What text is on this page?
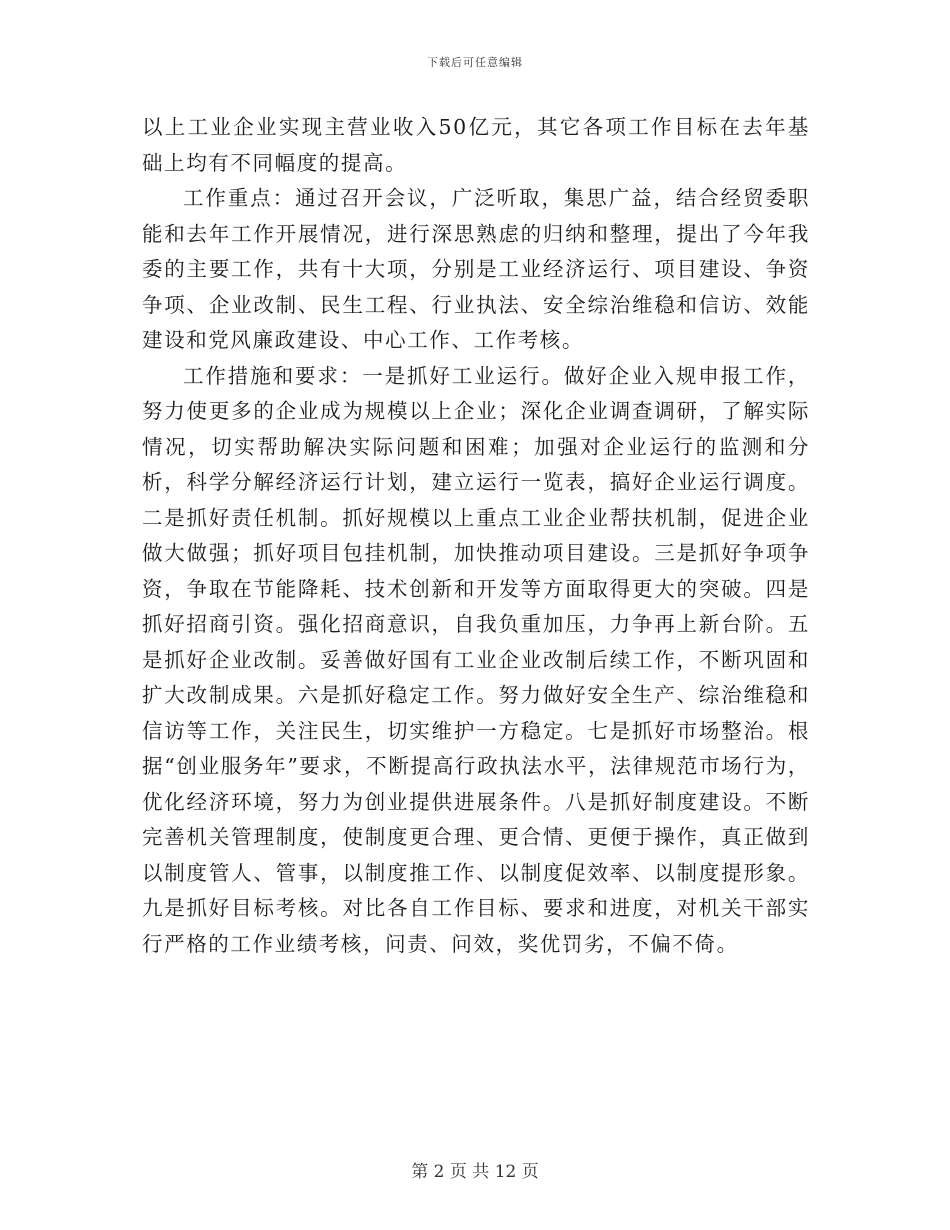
下载后可任意编辑

以上工业企业实现主营业收入50亿元，其它各项工作目标在去年基础上均有不同幅度的提高。

工作重点：通过召开会议，广泛听取，集思广益，结合经贸委职能和去年工作开展情况，进行深思熟虑的归纳和整理，提出了今年我委的主要工作，共有十大项，分别是工业经济运行、项目建设、争资争项、企业改制、民生工程、行业执法、安全综治维稳和信访、效能建设和党风廉政建设、中心工作、工作考核。

工作措施和要求：一是抓好工业运行。做好企业入规申报工作，努力使更多的企业成为规模以上企业；深化企业调查调研，了解实际情况，切实帮助解决实际问题和困难；加强对企业运行的监测和分析，科学分解经济运行计划，建立运行一览表，搞好企业运行调度。二是抓好责任机制。抓好规模以上重点工业企业帮扶机制，促进企业做大做强；抓好项目包挂机制，加快推动项目建设。三是抓好争项争资，争取在节能降耗、技术创新和开发等方面取得更大的突破。四是抓好招商引资。强化招商意识，自我负重加压，力争再上新台阶。五是抓好企业改制。妥善做好国有工业企业改制后续工作，不断巩固和扩大改制成果。六是抓好稳定工作。努力做好安全生产、综治维稳和信访等工作，关注民生，切实维护一方稳定。七是抓好市场整治。根据“创业服务年”要求，不断提高行政执法水平，法律规范市场行为，优化经济环境，努力为创业提供进展条件。八是抓好制度建设。不断完善机关管理制度，使制度更合理、更合情、更便于操作，真正做到以制度管人、管事，以制度推工作、以制度促效率、以制度提形象。九是抓好目标考核。对比各自工作目标、要求和进度，对机关干部实行严格的工作业绩考核，问责、问效，奖优罚劣，不偏不倚。

第 2 页 共 12 页
